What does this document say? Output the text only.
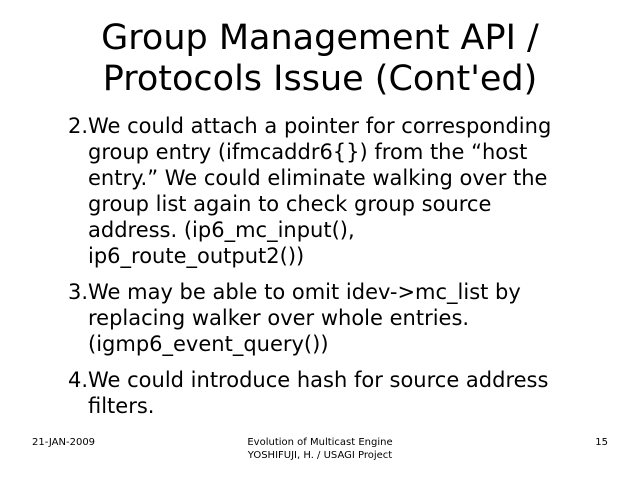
Group Management API /
Protocols Issue (Cont'ed)
2. We could attach a pointer for corresponding
group entry (ifmcaddr6{}) from the “host
entry.” We could eliminate walking over the
group list again to check group source
address. (ip6_mc_input(),
ip6_route_output2())
3. We may be able to omit idev->mc_list by
replacing walker over whole entries.
(igmp6_event_query())
4. We could introduce hash for source address
filters.
21-JAN-2009	Evolution of Multicast Engine
YOSHIFUJI, H. / USAGI Project
15
